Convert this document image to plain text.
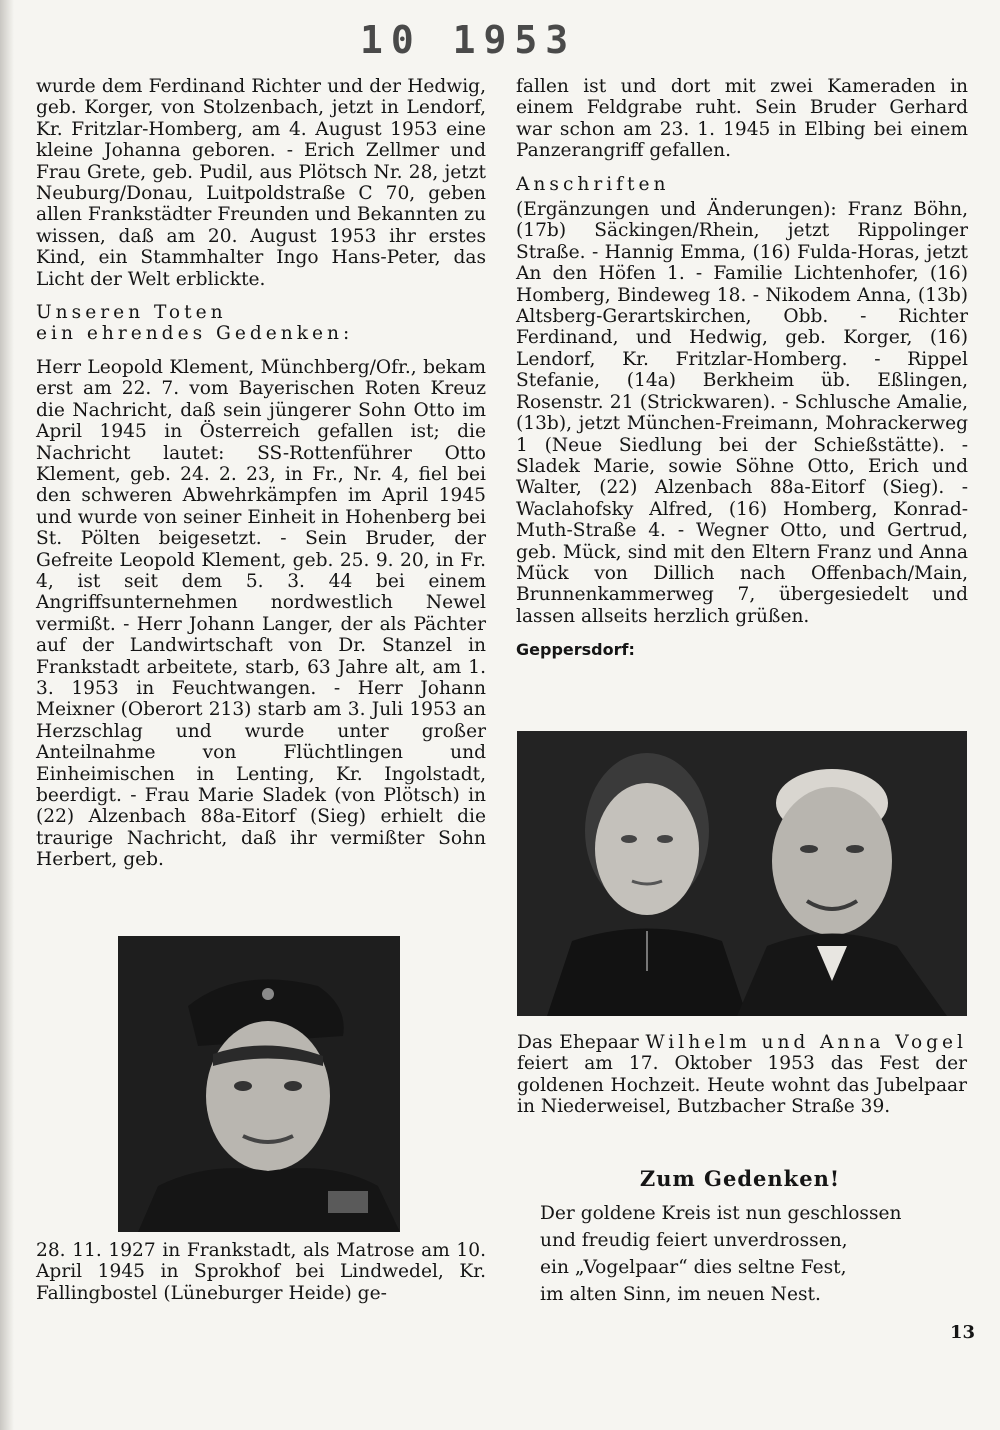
10 1953

wurde dem Ferdinand Richter und der Hedwig, geb. Korger, von Stolzenbach, jetzt in Lendorf, Kr. Fritzlar-Homberg, am 4. August 1953 eine kleine Johanna geboren. - Erich Zellmer und Frau Grete, geb. Pudil, aus Plötsch Nr. 28, jetzt Neuburg/Donau, Luitpoldstraße C 70, geben allen Frankstädter Freunden und Bekannten zu wissen, daß am 20. August 1953 ihr erstes Kind, ein Stammhalter Ingo Hans-Peter, das Licht der Welt erblickte.

Unseren Toten

ein ehrendes Gedenken:

Herr Leopold Klement, Münchberg/Ofr., bekam erst am 22. 7. vom Bayerischen Roten Kreuz die Nachricht, daß sein jüngerer Sohn Otto im April 1945 in Österreich gefallen ist; die Nachricht lautet: SS-Rottenführer Otto Klement, geb. 24. 2. 23, in Fr., Nr. 4, fiel bei den schweren Abwehrkämpfen im April 1945 und wurde von seiner Einheit in Hohenberg bei St. Pölten beigesetzt. - Sein Bruder, der Gefreite Leopold Klement, geb. 25. 9. 20, in Fr. 4, ist seit dem 5. 3. 44 bei einem Angriffsunternehmen nordwestlich Newel vermißt. - Herr Johann Langer, der als Pächter auf der Landwirtschaft von Dr. Stanzel in Frankstadt arbeitete, starb, 63 Jahre alt, am 1. 3. 1953 in Feuchtwangen. - Herr Johann Meixner (Oberort 213) starb am 3. Juli 1953 an Herzschlag und wurde unter großer Anteilnahme von Flüchtlingen und Einheimischen in Lenting, Kr. Ingolstadt, beerdigt. - Frau Marie Sladek (von Plötsch) in (22) Alzenbach 88a-Eitorf (Sieg) erhielt die traurige Nachricht, daß ihr vermißter Sohn Herbert, geb.

28. 11. 1927 in Frankstadt, als Matrose am 10. April 1945 in Sprokhof bei Lindwedel, Kr. Fallingbostel (Lüneburger Heide) ge-

fallen ist und dort mit zwei Kameraden in einem Feldgrabe ruht. Sein Bruder Gerhard war schon am 23. 1. 1945 in Elbing bei einem Panzerangriff gefallen.

Anschriften

(Ergänzungen und Änderungen): Franz Böhn, (17b) Säckingen/Rhein, jetzt Rippolinger Straße. - Hannig Emma, (16) Fulda-Horas, jetzt An den Höfen 1. - Familie Lichtenhofer, (16) Homberg, Bindeweg 18. - Nikodem Anna, (13b) Altsberg-Gerartskirchen, Obb. - Richter Ferdinand, und Hedwig, geb. Korger, (16) Lendorf, Kr. Fritzlar-Homberg. - Rippel Stefanie, (14a) Berkheim üb. Eßlingen, Rosenstr. 21 (Strickwaren). - Schlusche Amalie, (13b), jetzt München-Freimann, Mohrackerweg 1 (Neue Siedlung bei der Schießstätte). - Sladek Marie, sowie Söhne Otto, Erich und Walter, (22) Alzenbach 88a-Eitorf (Sieg). - Waclahofsky Alfred, (16) Homberg, Konrad-Muth-Straße 4. - Wegner Otto, und Gertrud, geb. Mück, sind mit den Eltern Franz und Anna Mück von Dillich nach Offenbach/Main, Brunnenkammerweg 7, übergesiedelt und lassen allseits herzlich grüßen.

Geppersdorf:

Das Ehepaar Wilhelm und Anna Vogel feiert am 17. Oktober 1953 das Fest der goldenen Hochzeit. Heute wohnt das Jubelpaar in Niederweisel, Butzbacher Straße 39.

Zum Gedenken!

Der goldene Kreis ist nun geschlossen

und freudig feiert unverdrossen,

ein „Vogelpaar“ dies seltne Fest,

im alten Sinn, im neuen Nest.

13
